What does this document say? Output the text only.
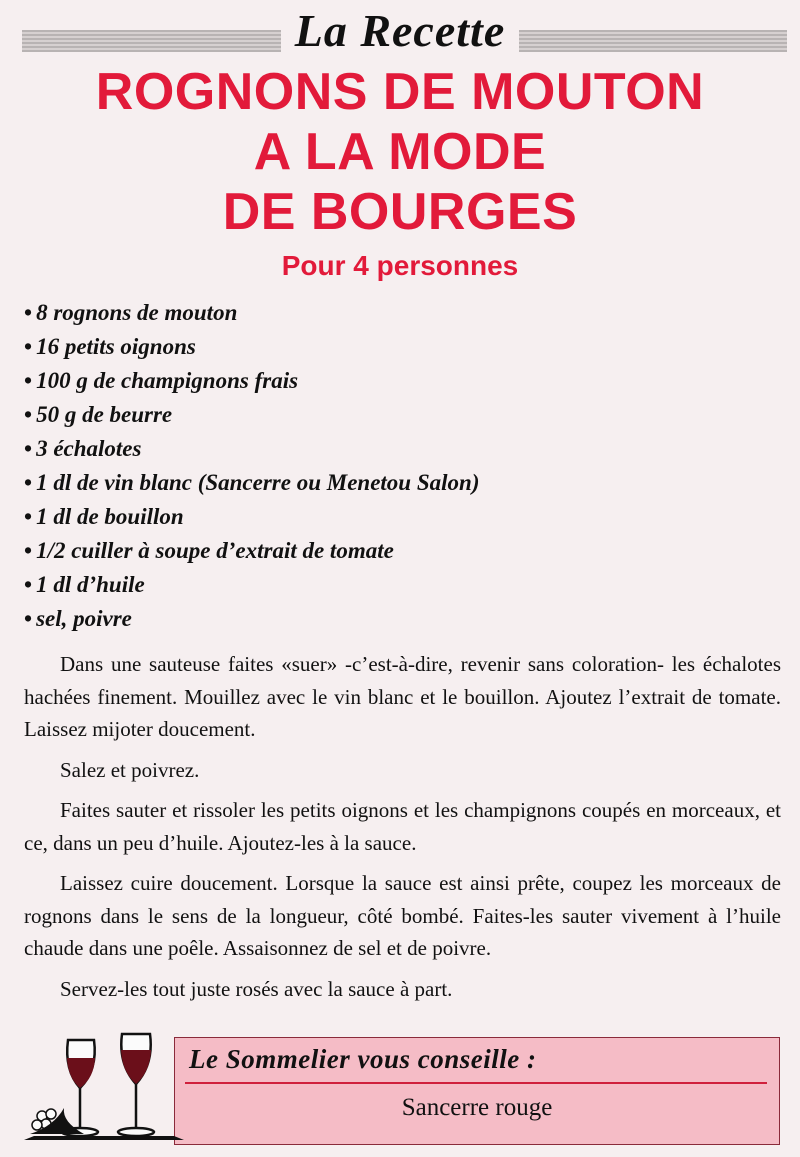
La Recette
ROGNONS DE MOUTON
A LA MODE
DE BOURGES
Pour 4 personnes
• 8 rognons de mouton
• 16 petits oignons
• 100 g de champignons frais
• 50 g de beurre
• 3 échalotes
• 1 dl de vin blanc (Sancerre ou Menetou Salon)
• 1 dl de bouillon
• 1/2 cuiller à soupe d’extrait de tomate
• 1 dl d’huile
• sel, poivre

Dans une sauteuse faites «suer» -c’est-à-dire, revenir sans coloration- les échalotes hachées finement. Mouillez avec le vin blanc et le bouillon. Ajoutez l’extrait de tomate. Laissez mijoter doucement.

Salez et poivrez.

Faites sauter et rissoler les petits oignons et les champignons coupés en morceaux, et ce, dans un peu d’huile. Ajoutez-les à la sauce.

Laissez cuire doucement. Lorsque la sauce est ainsi prête, coupez les morceaux de rognons dans le sens de la longueur, côté bombé. Faites-les sauter vivement à l’huile chaude dans une poêle. Assaisonnez de sel et de poivre.

Servez-les tout juste rosés avec la sauce à part.

Le Sommelier vous conseille :
Sancerre rouge
